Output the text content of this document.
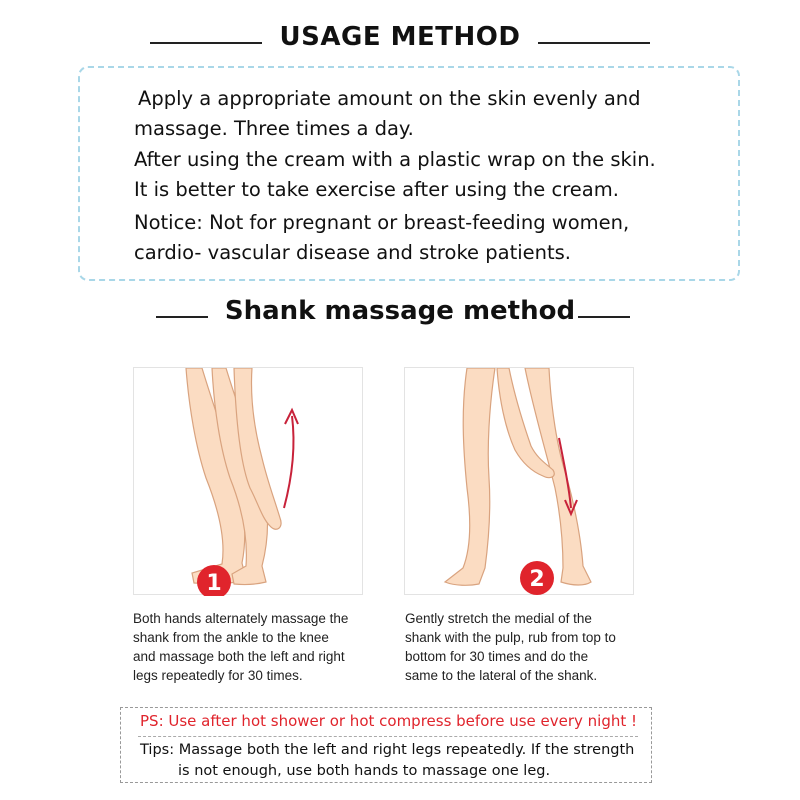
USAGE METHOD
Apply a appropriate amount on the skin evenly and
massage. Three times a day.
After using the cream with a plastic wrap on the skin.
It is better to take exercise after using the cream.
Notice: Not for pregnant or breast-feeding women,
cardio- vascular disease and stroke patients.
Shank massage method
1	2
Both hands alternately massage the
shank from the ankle to the knee
and massage both the left and right
legs repeatedly for 30 times.
Gently stretch the medial of the
shank with the pulp, rub from top to
bottom for 30 times and do the
same to the lateral of the shank.
PS: Use after hot shower or hot compress before use every night !
Tips: Massage both the left and right legs repeatedly. If the strength
is not enough, use both hands to massage one leg.
